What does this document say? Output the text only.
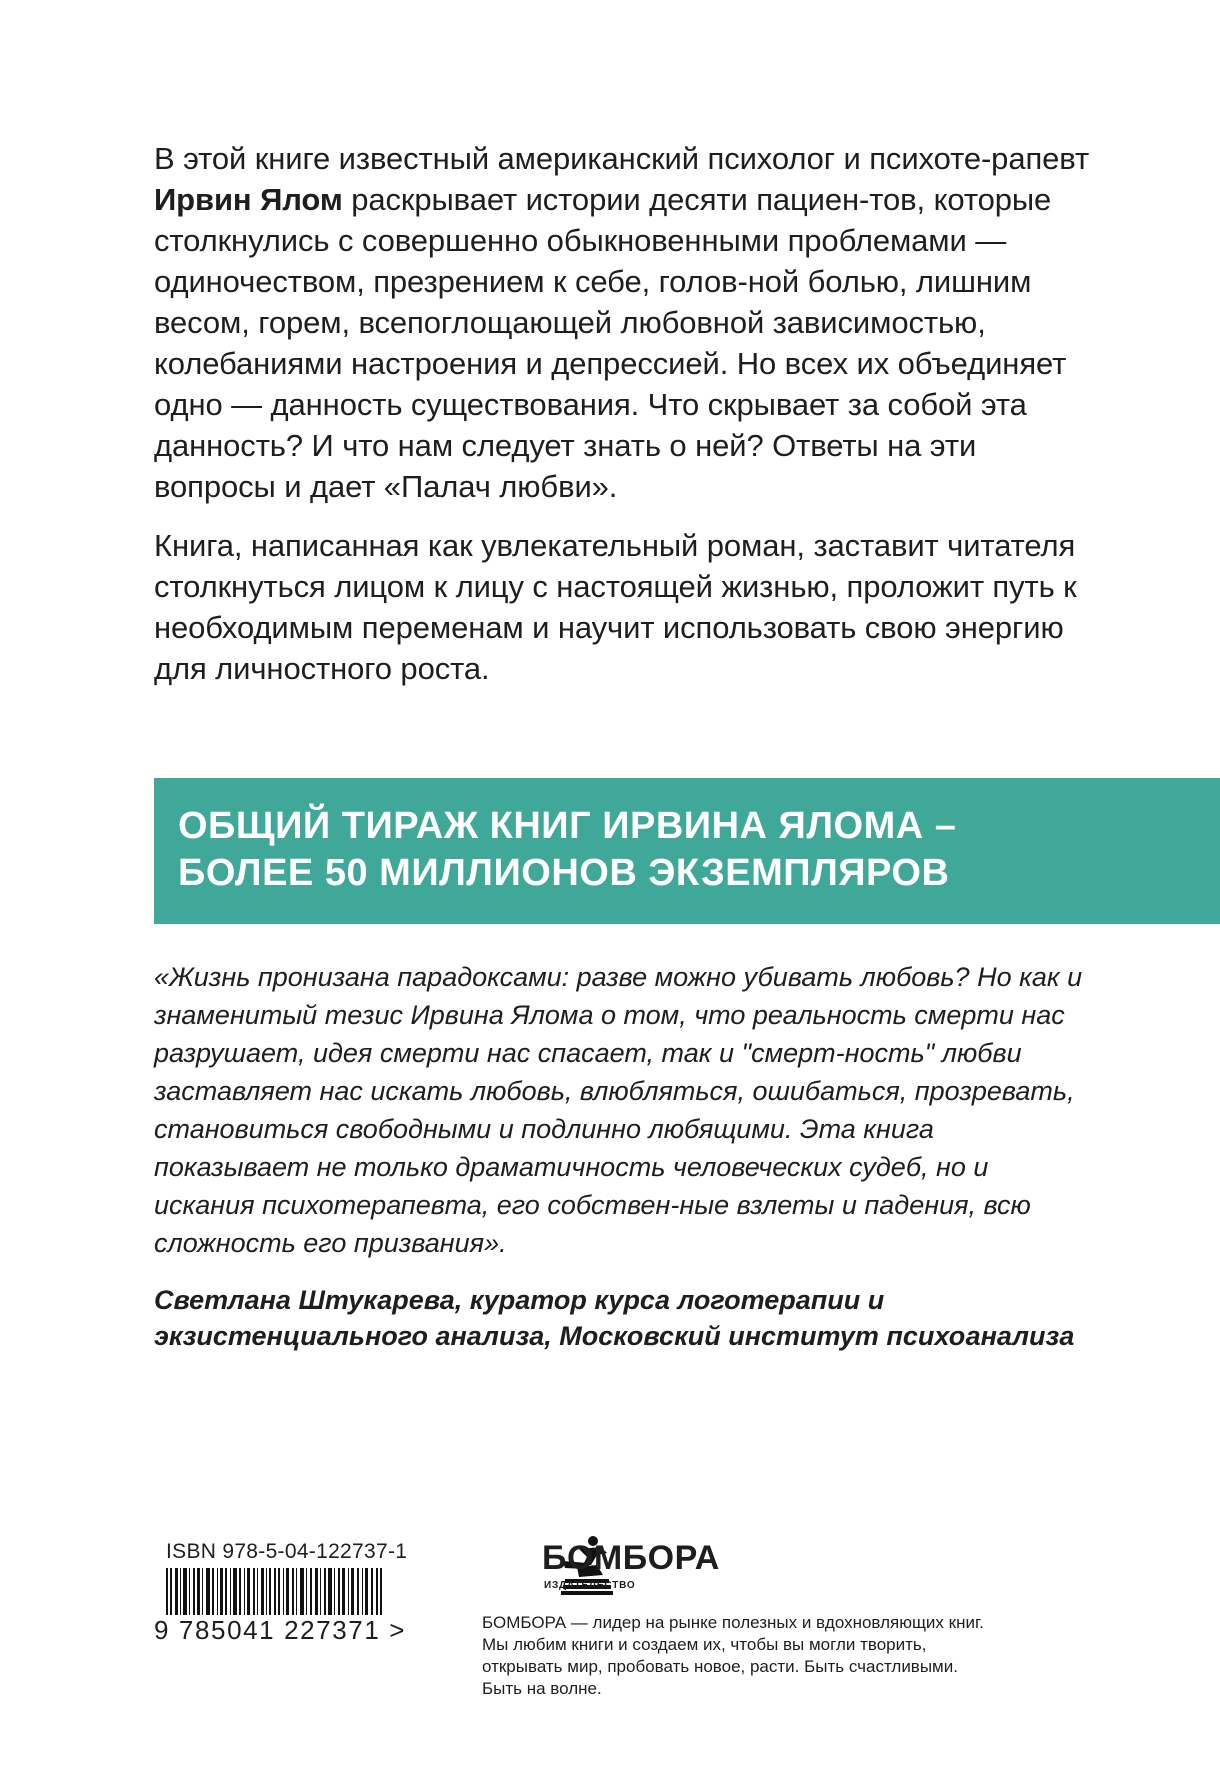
В этой книге известный американский психолог и психоте-рапевт Ирвин Ялом раскрывает истории десяти пациен-тов, которые столкнулись с совершенно обыкновенными проблемами — одиночеством, презрением к себе, голов-ной болью, лишним весом, горем, всепоглощающей любовной зависимостью, колебаниями настроения и депрессией. Но всех их объединяет одно — данность существования. Что скрывает за собой эта данность? И что нам следует знать о ней? Ответы на эти вопросы и дает «Палач любви».

Книга, написанная как увлекательный роман, заставит читателя столкнуться лицом к лицу с настоящей жизнью, проложит путь к необходимым переменам и научит использовать свою энергию для личностного роста.

ОБЩИЙ ТИРАЖ КНИГ ИРВИНА ЯЛОМА –
БОЛЕЕ 50 МИЛЛИОНОВ ЭКЗЕМПЛЯРОВ
«Жизнь пронизана парадоксами: разве можно убивать любовь? Но как и знаменитый тезис Ирвина Ялома о том, что реальность смерти нас разрушает, идея смерти нас спасает, так и "смерт-ность" любви заставляет нас искать любовь, влюбляться, ошибаться, прозревать, становиться свободными и подлинно любящими. Эта книга показывает не только драматичность человеческих судеб, но и искания психотерапевта, его собствен-ные взлеты и падения, всю сложность его призвания».
Светлана Штукарева, куратор курса логотерапии и экзистенциального анализа, Московский институт психоанализа
ISBN 978-5-04-122737-1
9 785041 227371 >
БОМБОРА
ИЗДАТЕЛЬСТВО
БОМБОРА — лидер на рынке полезных и вдохновляющих книг. Мы любим книги и создаем их, чтобы вы могли творить, открывать мир, пробовать новое, расти. Быть счастливыми. Быть на волне.
